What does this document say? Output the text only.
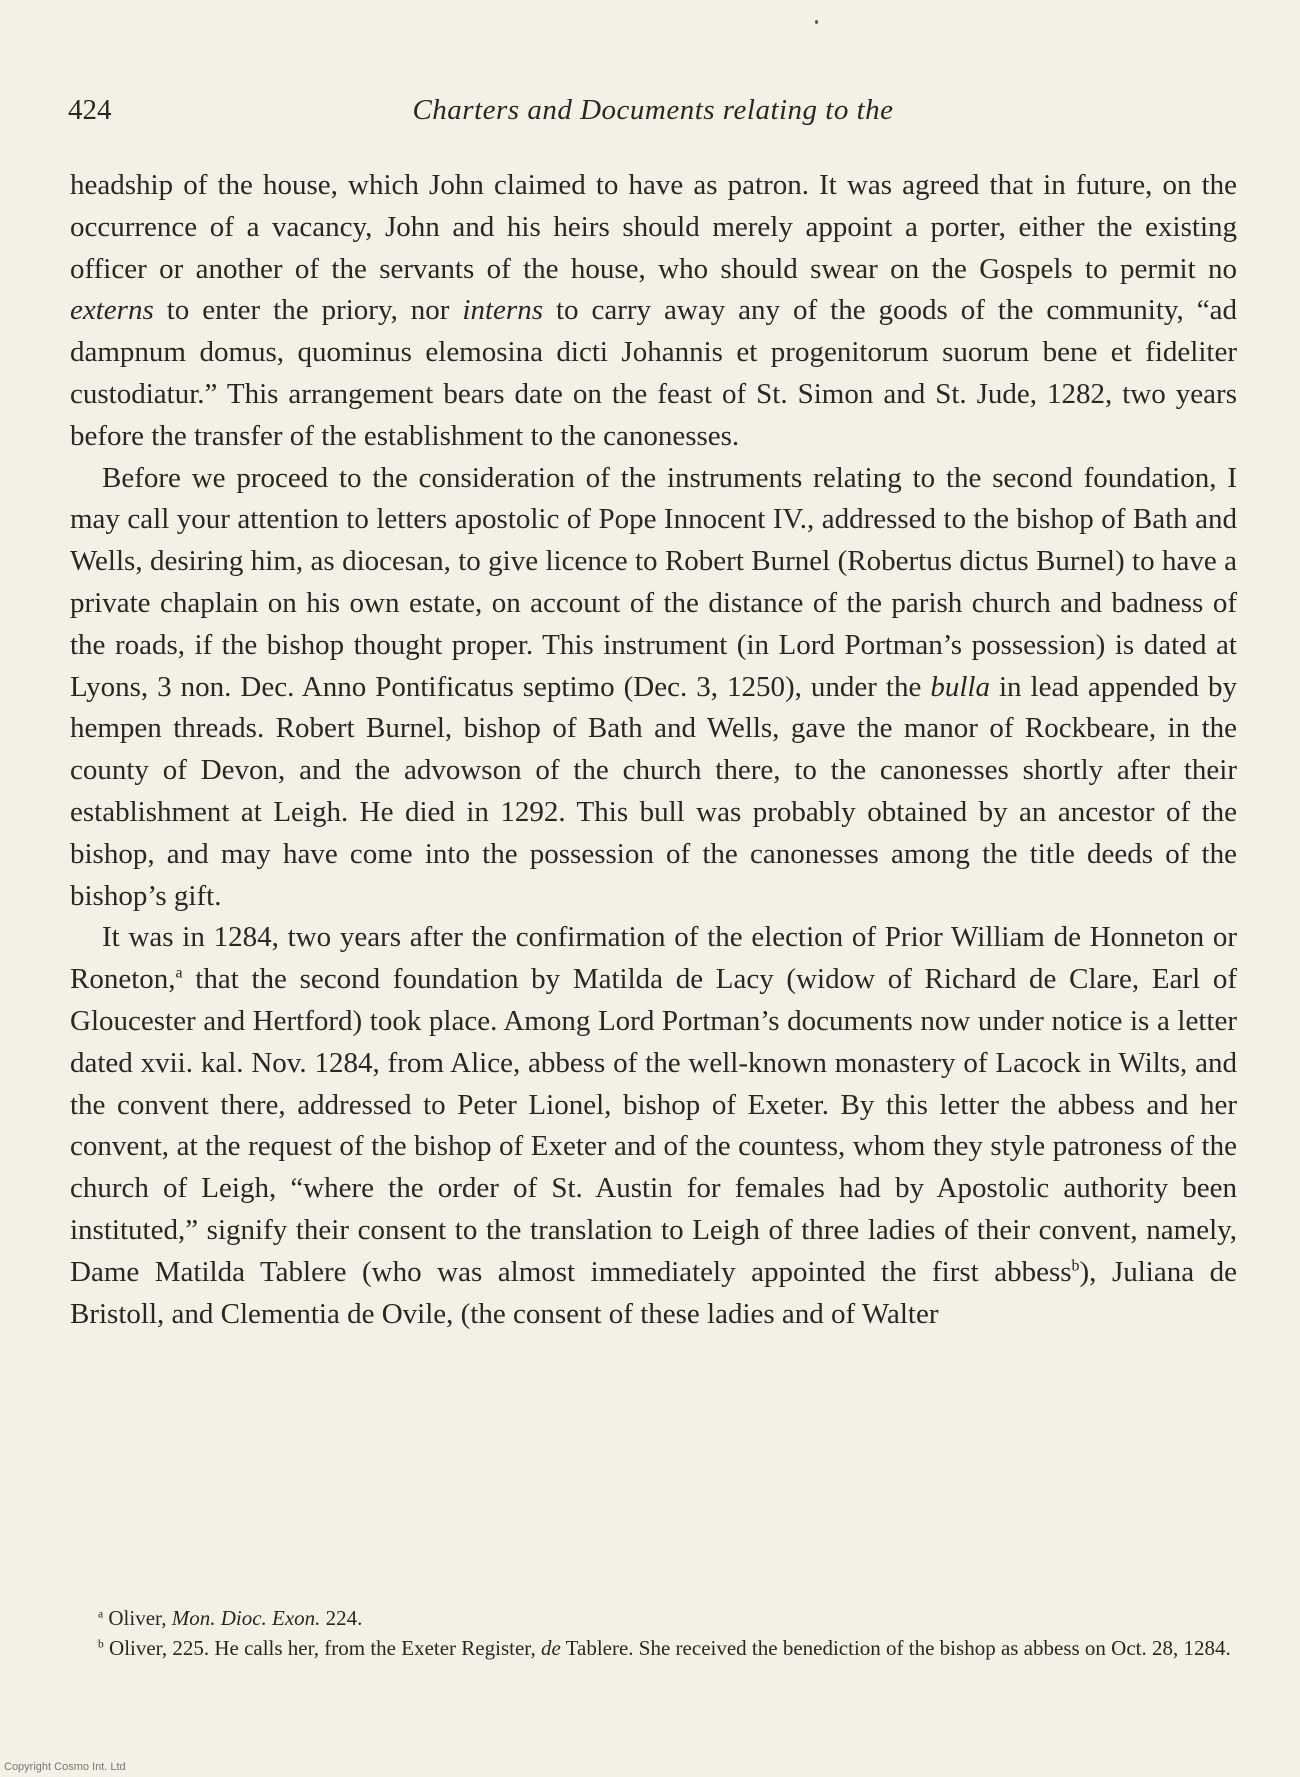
424	Charters and Documents relating to the

headship of the house, which John claimed to have as patron. It was agreed that in future, on the occurrence of a vacancy, John and his heirs should merely appoint a porter, either the existing officer or another of the servants of the house, who should swear on the Gospels to permit no externs to enter the priory, nor interns to carry away any of the goods of the community, “ad dampnum domus, quominus elemosina dicti Johannis et progenitorum suorum bene et fideliter custodiatur.” This arrangement bears date on the feast of St. Simon and St. Jude, 1282, two years before the transfer of the establishment to the canonesses.

Before we proceed to the consideration of the instruments relating to the second foundation, I may call your attention to letters apostolic of Pope Innocent IV., addressed to the bishop of Bath and Wells, desiring him, as diocesan, to give licence to Robert Burnel (Robertus dictus Burnel) to have a private chaplain on his own estate, on account of the distance of the parish church and badness of the roads, if the bishop thought proper. This instrument (in Lord Portman’s possession) is dated at Lyons, 3 non. Dec. Anno Pontificatus septimo (Dec. 3, 1250), under the bulla in lead appended by hempen threads. Robert Burnel, bishop of Bath and Wells, gave the manor of Rockbeare, in the county of Devon, and the advowson of the church there, to the canonesses shortly after their establishment at Leigh. He died in 1292. This bull was probably obtained by an ancestor of the bishop, and may have come into the possession of the canonesses among the title deeds of the bishop’s gift.

It was in 1284, two years after the confirmation of the election of Prior William de Honneton or Roneton,$^a$ that the second foundation by Matilda de Lacy (widow of Richard de Clare, Earl of Gloucester and Hertford) took place. Among Lord Portman’s documents now under notice is a letter dated xvii. kal. Nov. 1284, from Alice, abbess of the well-known monastery of Lacock in Wilts, and the convent there, addressed to Peter Lionel, bishop of Exeter. By this letter the abbess and her convent, at the request of the bishop of Exeter and of the countess, whom they style patroness of the church of Leigh, “where the order of St. Austin for females had by Apostolic authority been instituted,” signify their consent to the translation to Leigh of three ladies of their convent, namely, Dame Matilda Tablere (who was almost immediately appointed the first abbess$^b$), Juliana de Bristoll, and Clementia de Ovile, (the consent of these ladies and of Walter

$^a$ Oliver, Mon. Dioc. Exon. 224.

$^b$ Oliver, 225. He calls her, from the Exeter Register, de Tablere. She received the benediction of the bishop as abbess on Oct. 28, 1284.

Copyright Cosmo Int. Ltd
